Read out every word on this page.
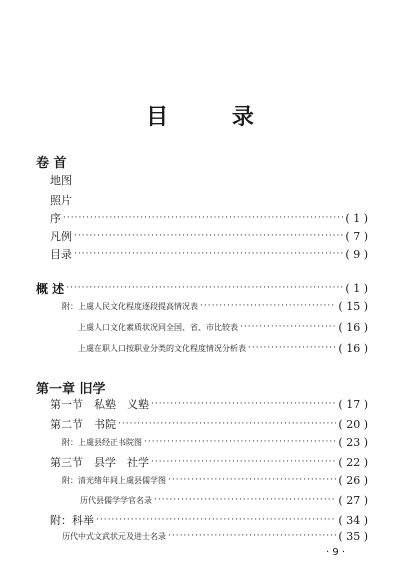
目 录
卷 首
地图
照片
序 ·····	( 1 )
凡例 ·····	( 7 )
目录 ·····	( 9 )
概 述 ·····	( 1 )
附：上虞人民文化程度逐段提高情况表 ·····	( 15 )
上虞人口文化素质状况同全国、省、市比较表 ·····	( 16 )
上虞在职人口按职业分类的文化程度情况分析表 ·····	( 16 )
第一章 旧学
第一节　私塾　义塾 ·····	( 17 )
第二节　书院 ·····	( 20 )
附：上虞县经正书院图 ·····	( 23 )
第三节　县学　社学 ·····	( 22 )
附：清光绪年间上虞县儒学图 ·····	( 26 )
历代县儒学学官名录 ·····	( 27 )
附：科举 ·····	( 34 )
历代中式文武状元及进士名录 ·····	( 35 )
· 9 ·
